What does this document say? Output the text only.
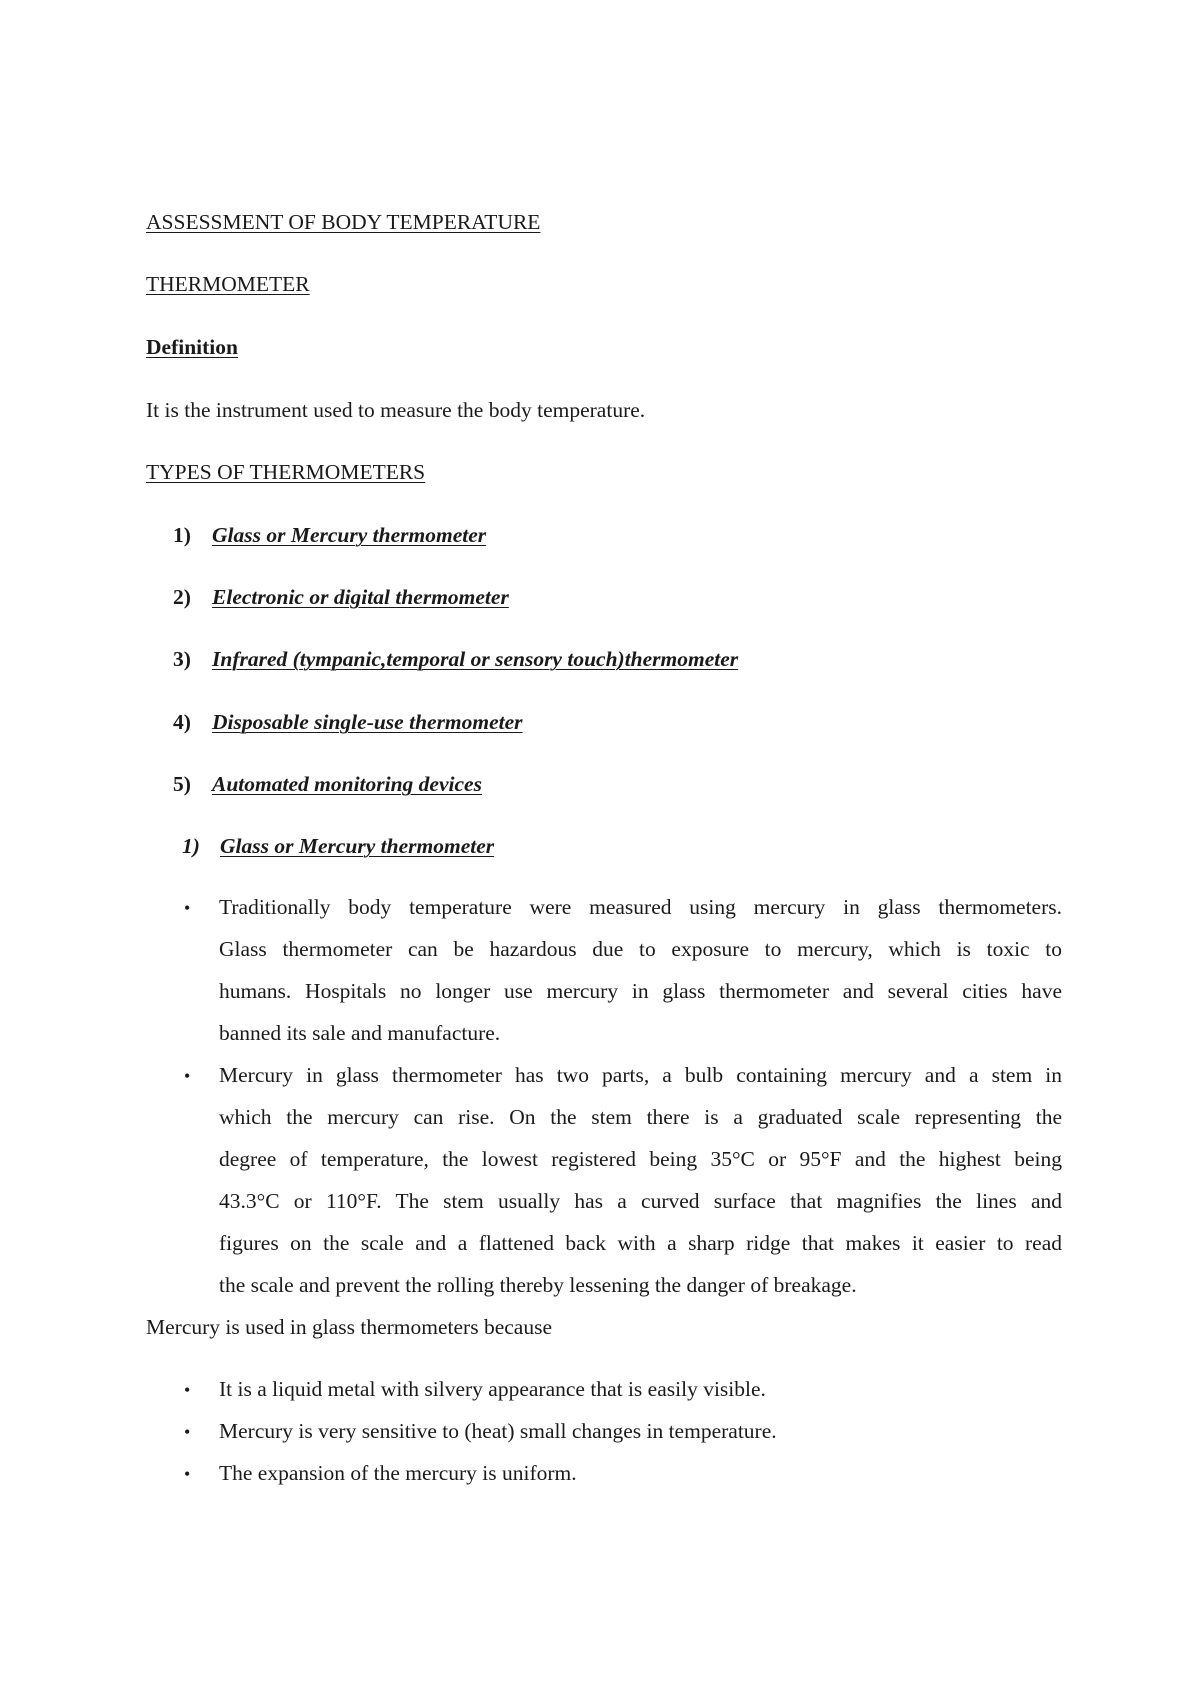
ASSESSMENT OF BODY TEMPERATURE
THERMOMETER
Definition
It is the instrument used to measure the body temperature.
TYPES OF THERMOMETERS
1) Glass or Mercury thermometer
2) Electronic or digital thermometer
3) Infrared (tympanic,temporal or sensory touch)thermometer
4) Disposable single-use thermometer
5) Automated monitoring devices
1) Glass or Mercury thermometer
• Traditionally body temperature were measured using mercury in glass thermometers.
Glass thermometer can be hazardous due to exposure to mercury, which is toxic to
humans. Hospitals no longer use mercury in glass thermometer and several cities have
banned its sale and manufacture.
• Mercury in glass thermometer has two parts, a bulb containing mercury and a stem in
which the mercury can rise. On the stem there is a graduated scale representing the
degree of temperature, the lowest registered being 35°C or 95°F and the highest being
43.3°C or 110°F. The stem usually has a curved surface that magnifies the lines and
figures on the scale and a flattened back with a sharp ridge that makes it easier to read
the scale and prevent the rolling thereby lessening the danger of breakage.
Mercury is used in glass thermometers because
• It is a liquid metal with silvery appearance that is easily visible.
• Mercury is very sensitive to (heat) small changes in temperature.
• The expansion of the mercury is uniform.
